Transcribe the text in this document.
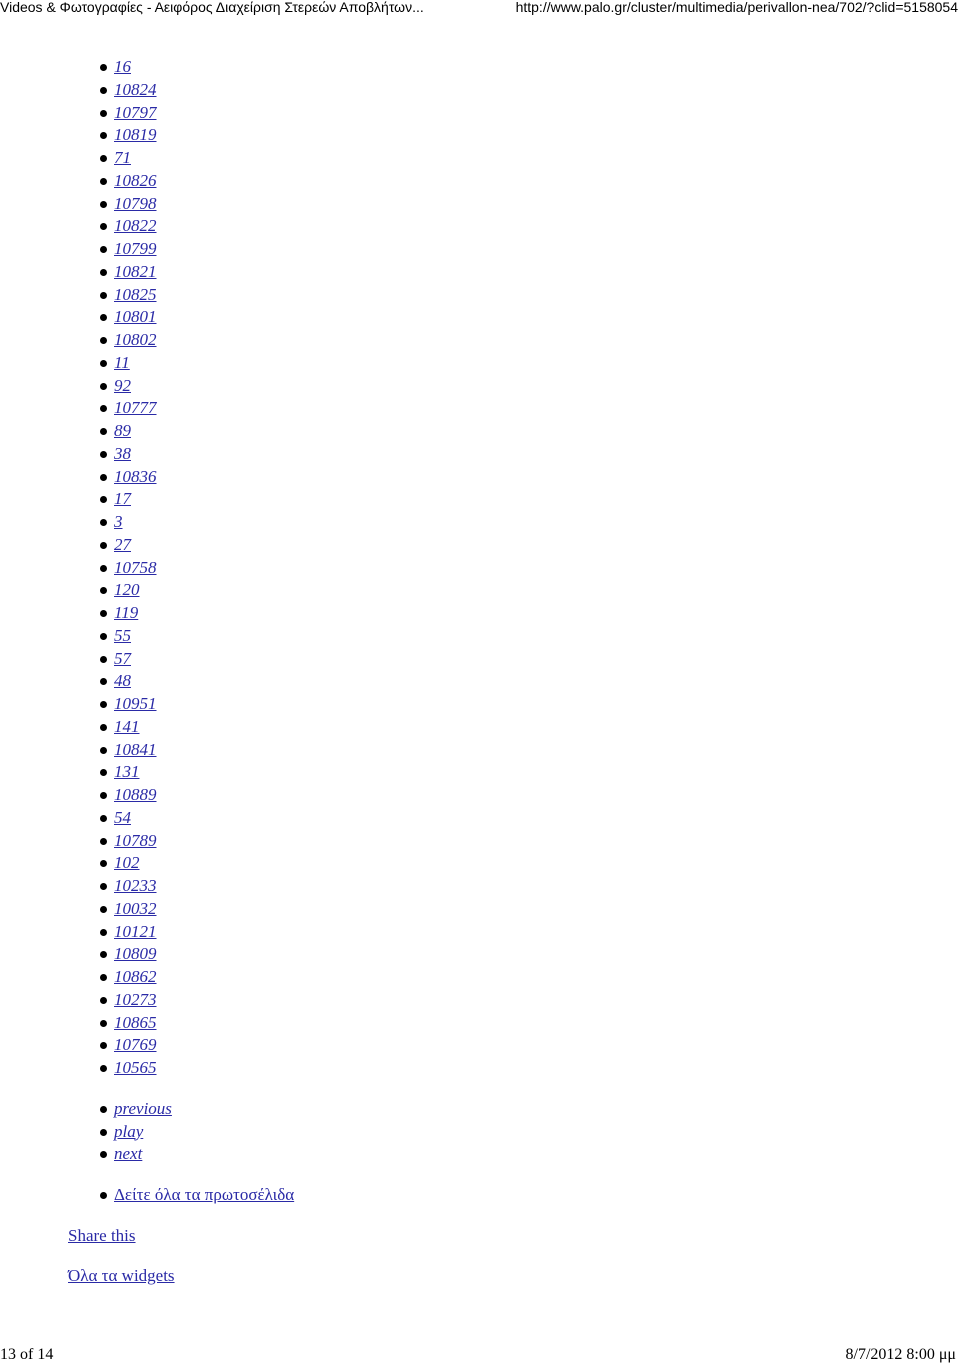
Videos & Φωτογραφίες - Αειφόρος Διαχείριση Στερεών Αποβλήτων...	http://www.palo.gr/cluster/multimedia/perivallon-nea/702/?clid=5158054
16
10824
10797
10819
71
10826
10798
10822
10799
10821
10825
10801
10802
11
92
10777
89
38
10836
17
3
27
10758
120
119
55
57
48
10951
141
10841
131
10889
54
10789
102
10233
10032
10121
10809
10862
10273
10865
10769
10565
previous
play
next
Δείτε όλα τα πρωτοσέλιδα
Share this
Όλα τα widgets
13 of 14	8/7/2012 8:00 μμ
